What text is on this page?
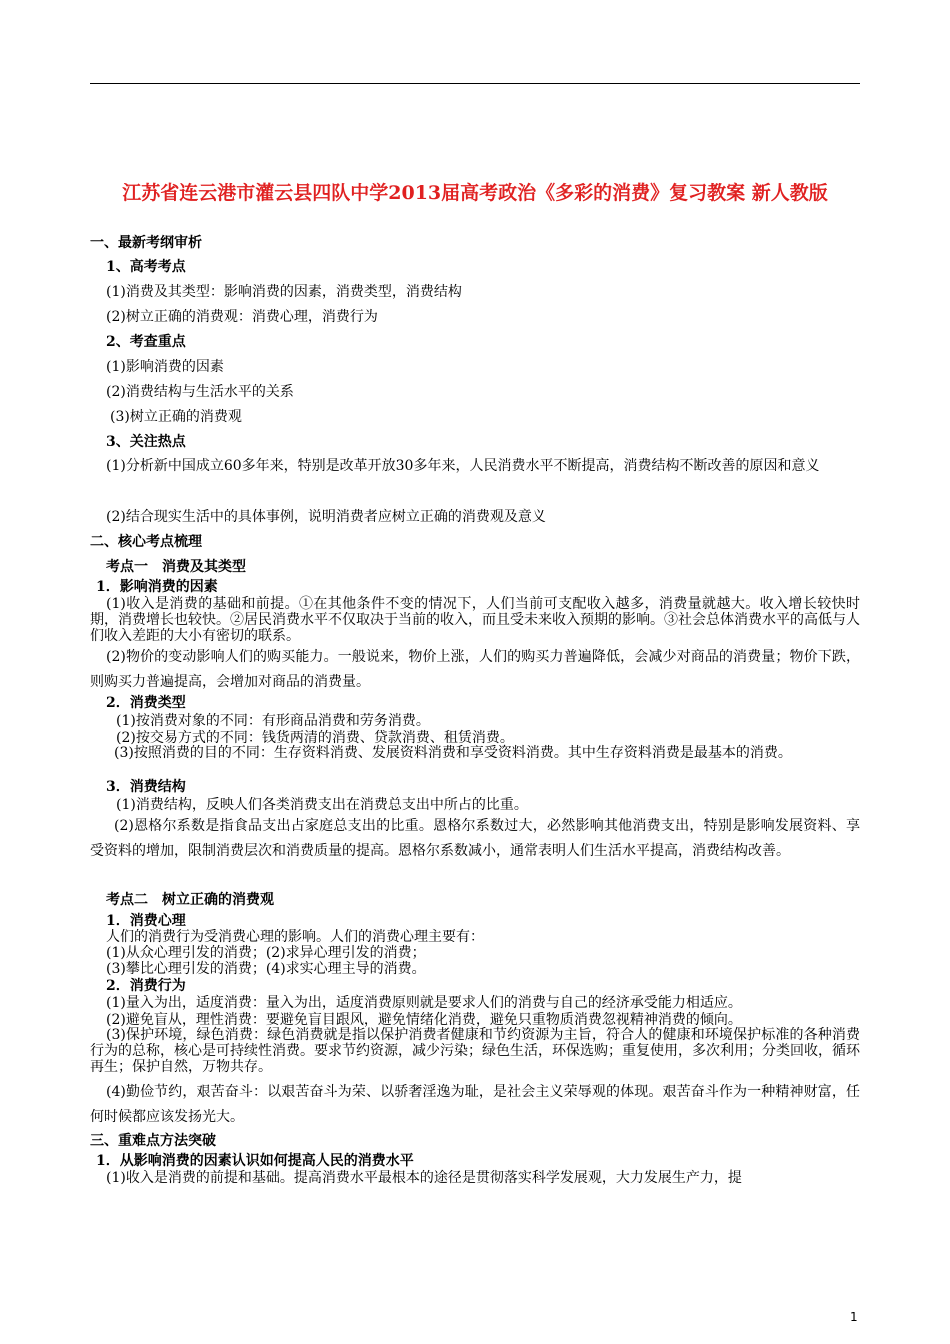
江苏省连云港市灌云县四队中学2013届高考政治《多彩的消费》复习教案 新人教版
一、最新考纲审析
1、高考考点
(1)消费及其类型：影响消费的因素，消费类型，消费结构
(2)树立正确的消费观：消费心理，消费行为
2、考查重点
(1)影响消费的因素
(2)消费结构与生活水平的关系
(3)树立正确的消费观
3、关注热点
(1)分析新中国成立60多年来，特别是改革开放30多年来，人民消费水平不断提高，消费结构不断改善的原因和意义
(2)结合现实生活中的具体事例，说明消费者应树立正确的消费观及意义
二、核心考点梳理
考点一　消费及其类型
1．影响消费的因素
(1)收入是消费的基础和前提。①在其他条件不变的情况下，人们当前可支配收入越多，消费量就越大。收入增长较快时期，消费增长也较快。②居民消费水平不仅取决于当前的收入，而且受未来收入预期的影响。③社会总体消费水平的高低与人们收入差距的大小有密切的联系。
(2)物价的变动影响人们的购买能力。一般说来，物价上涨，人们的购买力普遍降低，会减少对商品的消费量；物价下跌，则购买力普遍提高，会增加对商品的消费量。
2．消费类型
(1)按消费对象的不同：有形商品消费和劳务消费。
(2)按交易方式的不同：钱货两清的消费、贷款消费、租赁消费。
(3)按照消费的目的不同：生存资料消费、发展资料消费和享受资料消费。其中生存资料消费是最基本的消费。
3．消费结构
(1)消费结构，反映人们各类消费支出在消费总支出中所占的比重。
(2)恩格尔系数是指食品支出占家庭总支出的比重。恩格尔系数过大，必然影响其他消费支出，特别是影响发展资料、享受资料的增加，限制消费层次和消费质量的提高。恩格尔系数减小，通常表明人们生活水平提高，消费结构改善。
考点二　树立正确的消费观
1．消费心理
人们的消费行为受消费心理的影响。人们的消费心理主要有：
(1)从众心理引发的消费；(2)求异心理引发的消费；
(3)攀比心理引发的消费；(4)求实心理主导的消费。
2．消费行为
(1)量入为出，适度消费：量入为出，适度消费原则就是要求人们的消费与自己的经济承受能力相适应。
(2)避免盲从，理性消费：要避免盲目跟风，避免情绪化消费，避免只重物质消费忽视精神消费的倾向。
(3)保护环境，绿色消费：绿色消费就是指以保护消费者健康和节约资源为主旨，符合人的健康和环境保护标准的各种消费行为的总称，核心是可持续性消费。要求节约资源，减少污染；绿色生活，环保选购；重复使用，多次利用；分类回收，循环再生；保护自然，万物共存。
(4)勤俭节约，艰苦奋斗：以艰苦奋斗为荣、以骄奢淫逸为耻，是社会主义荣辱观的体现。艰苦奋斗作为一种精神财富，任何时候都应该发扬光大。
三、重难点方法突破
1．从影响消费的因素认识如何提高人民的消费水平
(1)收入是消费的前提和基础。提高消费水平最根本的途径是贯彻落实科学发展观，大力发展生产力，提
1
